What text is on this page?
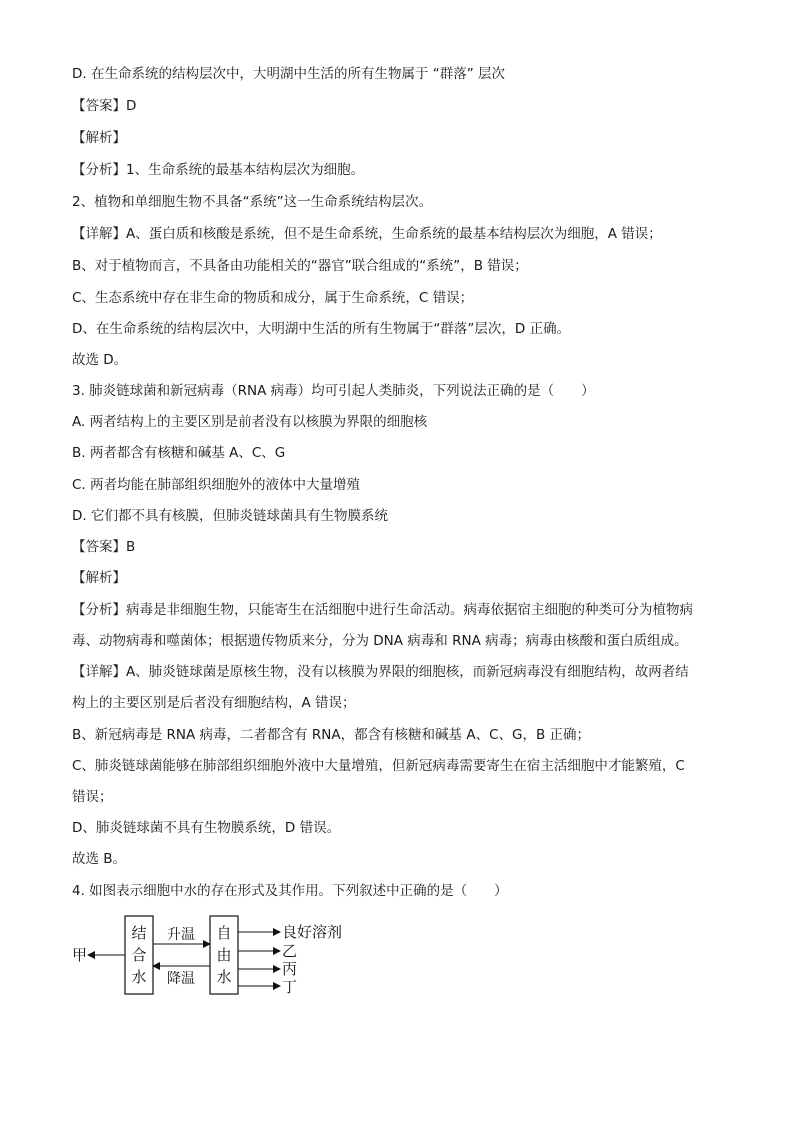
D. 在生命系统的结构层次中，大明湖中生活的所有生物属于 “群落” 层次
【答案】D
【解析】
【分析】1、生命系统的最基本结构层次为细胞。
2、植物和单细胞生物不具备“系统”这一生命系统结构层次。
【详解】A、蛋白质和核酸是系统，但不是生命系统，生命系统的最基本结构层次为细胞，A 错误；
B、对于植物而言，不具备由功能相关的“器官”联合组成的“系统”，B 错误；
C、生态系统中存在非生命的物质和成分，属于生命系统，C 错误；
D、在生命系统的结构层次中，大明湖中生活的所有生物属于“群落”层次，D 正确。
故选 D。
3. 肺炎链球菌和新冠病毒（RNA 病毒）均可引起人类肺炎，下列说法正确的是（　　）
A. 两者结构上的主要区别是前者没有以核膜为界限的细胞核
B. 两者都含有核糖和碱基 A、C、G
C. 两者均能在肺部组织细胞外的液体中大量增殖
D. 它们都不具有核膜，但肺炎链球菌具有生物膜系统
【答案】B
【解析】
【分析】病毒是非细胞生物，只能寄生在活细胞中进行生命活动。病毒依据宿主细胞的种类可分为植物病
毒、动物病毒和噬菌体；根据遗传物质来分，分为 DNA 病毒和 RNA 病毒；病毒由核酸和蛋白质组成。
【详解】A、肺炎链球菌是原核生物，没有以核膜为界限的细胞核，而新冠病毒没有细胞结构，故两者结
构上的主要区别是后者没有细胞结构，A 错误；
B、新冠病毒是 RNA 病毒，二者都含有 RNA，都含有核糖和碱基 A、C、G，B 正确；
C、肺炎链球菌能够在肺部组织细胞外液中大量增殖，但新冠病毒需要寄生在宿主活细胞中才能繁殖，C
错误；
D、肺炎链球菌不具有生物膜系统，D 错误。
故选 B。
4. 如图表示细胞中水的存在形式及其作用。下列叙述中正确的是（　　）
结
合
水
自
由
水
升温
降温
甲
良好溶剂
乙
丙
丁
